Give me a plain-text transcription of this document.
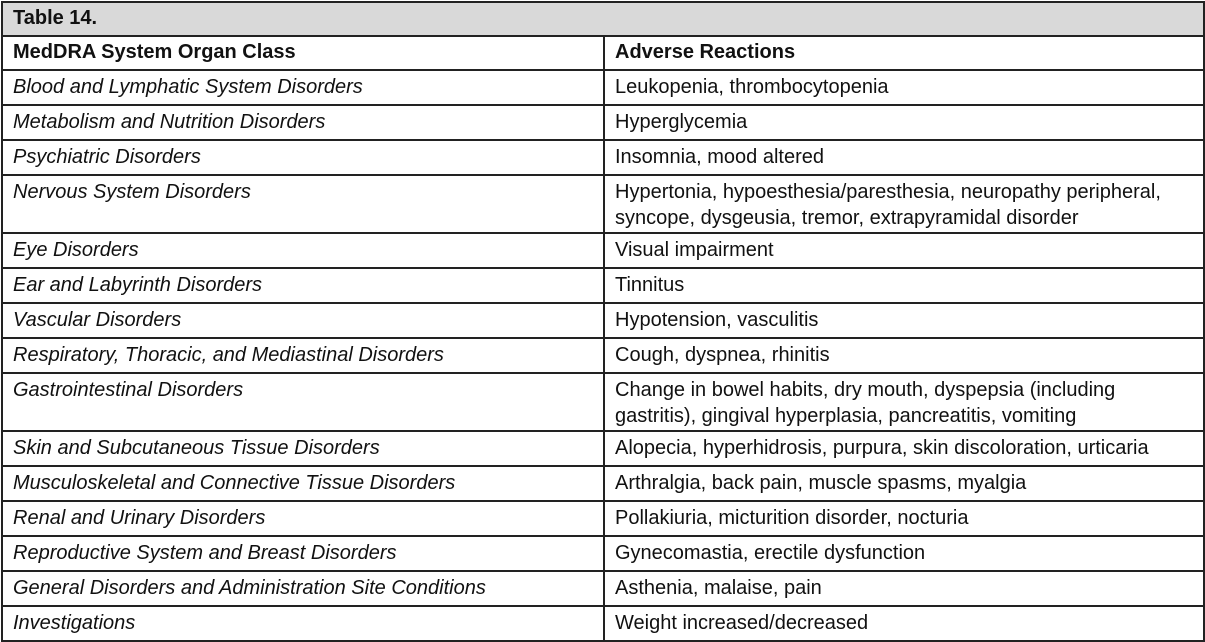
Table 14.	
MedDRA System Organ Class	Adverse Reactions
Blood and Lymphatic System Disorders	Leukopenia, thrombocytopenia
Metabolism and Nutrition Disorders	Hyperglycemia
Psychiatric Disorders	Insomnia, mood altered
Nervous System Disorders	Hypertonia, hypoesthesia/paresthesia, neuropathy peripheral, syncope, dysgeusia, tremor, extrapyramidal disorder
Eye Disorders	Visual impairment
Ear and Labyrinth Disorders	Tinnitus
Vascular Disorders	Hypotension, vasculitis
Respiratory, Thoracic, and Mediastinal Disorders	Cough, dyspnea, rhinitis
Gastrointestinal Disorders	Change in bowel habits, dry mouth, dyspepsia (including gastritis), gingival hyperplasia, pancreatitis, vomiting
Skin and Subcutaneous Tissue Disorders	Alopecia, hyperhidrosis, purpura, skin discoloration, urticaria
Musculoskeletal and Connective Tissue Disorders	Arthralgia, back pain, muscle spasms, myalgia
Renal and Urinary Disorders	Pollakiuria, micturition disorder, nocturia
Reproductive System and Breast Disorders	Gynecomastia, erectile dysfunction
General Disorders and Administration Site Conditions	Asthenia, malaise, pain
Investigations	Weight increased/decreased
